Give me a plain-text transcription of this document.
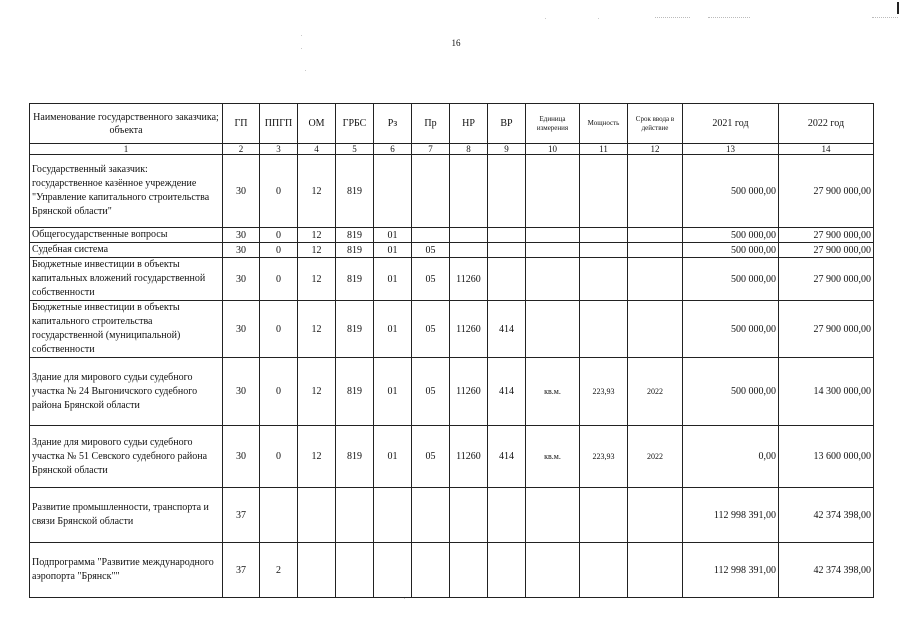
16
Наименование государственного заказчика; объекта	ГП	ППГП	ОМ	ГРБС	Рз	Пр	НР	ВР	Единица измерения	Мощность	Срок ввода в действие	2021 год	2022 год
1	2	3	4	5	6	7	8	9	10	11	12	13	14
Государственный заказчик: государственное казённое учреждение "Управление капитального строительства Брянской области"	30	0	12	819								500 000,00	27 900 000,00
Общегосударственные вопросы	30	0	12	819	01							500 000,00	27 900 000,00
Судебная система	30	0	12	819	01	05						500 000,00	27 900 000,00
Бюджетные инвестиции в объекты капитальных вложений государственной собственности	30	0	12	819	01	05	11260					500 000,00	27 900 000,00
Бюджетные инвестиции в объекты капитального строительства государственной (муниципальной) собственности	30	0	12	819	01	05	11260	414				500 000,00	27 900 000,00
Здание для мирового судьи судебного участка № 24 Выгоничского судебного района Брянской области	30	0	12	819	01	05	11260	414	кв.м.	223,93	2022	500 000,00	14 300 000,00
Здание для мирового судьи судебного участка № 51 Севского судебного района Брянской области	30	0	12	819	01	05	11260	414	кв.м.	223,93	2022	0,00	13 600 000,00
Развитие промышленности, транспорта и связи Брянской области	37											112 998 391,00	42 374 398,00
Подпрограмма "Развитие международного аэропорта "Брянск""	37	2										112 998 391,00	42 374 398,00
